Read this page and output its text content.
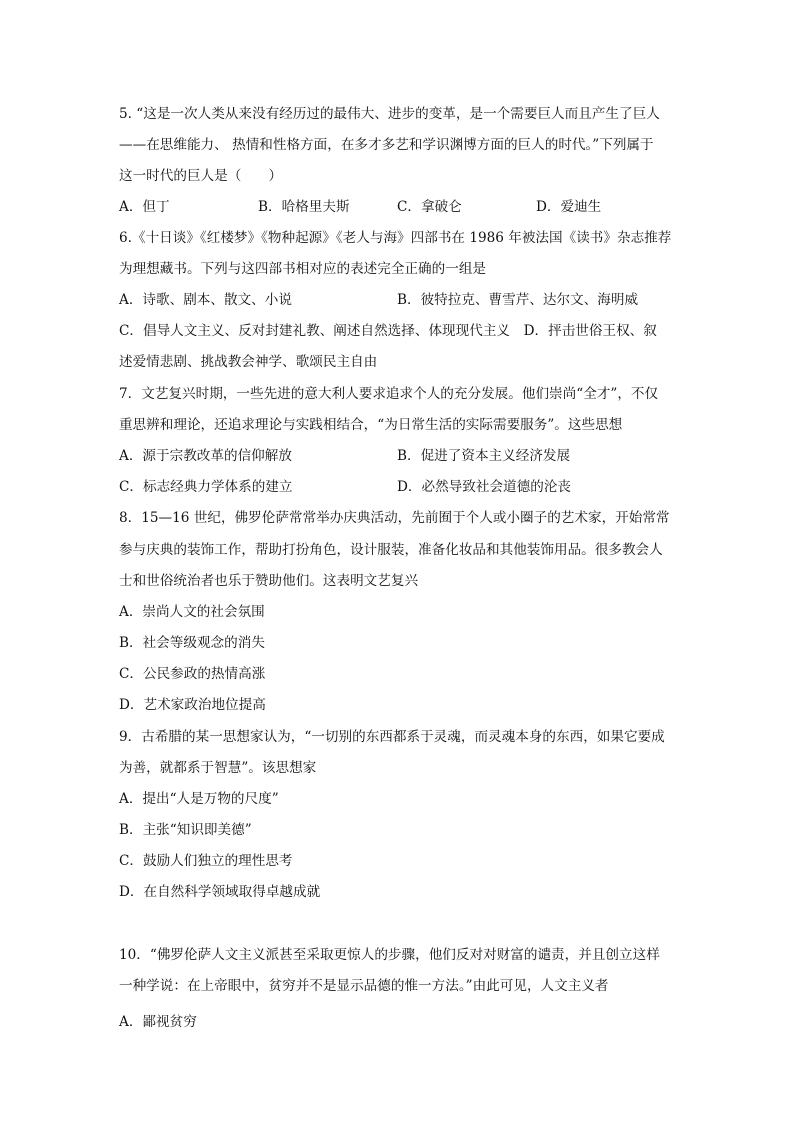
5. “这是一次人类从来没有经历过的最伟大、进步的变革，是一个需要巨人而且产生了巨人
——在思维能力、 热情和性格方面，在多才多艺和学识渊博方面的巨人的时代。”下列属于
这一时代的巨人是（　　）
A．但丁	B．哈格里夫斯	C．拿破仑	D．爱迪生
6.《十日谈》《红楼梦》《物种起源》《老人与海》四部书在 1986 年被法国《读书》杂志推荐
为理想藏书。下列与这四部书相对应的表述完全正确的一组是
A．诗歌、剧本、散文、小说	B．彼特拉克、曹雪芹、达尔文、海明威
C．倡导人文主义、反对封建礼教、阐述自然选择、体现现代主义　D．抨击世俗王权、叙
述爱情悲剧、挑战教会神学、歌颂民主自由
7．文艺复兴时期，一些先进的意大利人要求追求个人的充分发展。他们崇尚“全才”，不仅
重思辨和理论，还追求理论与实践相结合，“为日常生活的实际需要服务”。这些思想
A．源于宗教改革的信仰解放	B．促进了资本主义经济发展
C．标志经典力学体系的建立	D．必然导致社会道德的沦丧
8．15—16 世纪，佛罗伦萨常常举办庆典活动，先前囿于个人或小圈子的艺术家，开始常常
参与庆典的装饰工作，帮助打扮角色，设计服装，准备化妆品和其他装饰用品。很多教会人
士和世俗统治者也乐于赞助他们。这表明文艺复兴
A．崇尚人文的社会氛围
B．社会等级观念的消失
C．公民参政的热情高涨
D．艺术家政治地位提高
9．古希腊的某一思想家认为，“一切别的东西都系于灵魂，而灵魂本身的东西，如果它要成
为善，就都系于智慧”。该思想家
A．提出“人是万物的尺度”
B．主张“知识即美德”
C．鼓励人们独立的理性思考
D．在自然科学领域取得卓越成就
10．“佛罗伦萨人文主义派甚至采取更惊人的步骤，他们反对对财富的谴责，并且创立这样
一种学说：在上帝眼中，贫穷并不是显示品德的惟一方法。”由此可见，人文主义者
A．鄙视贫穷
